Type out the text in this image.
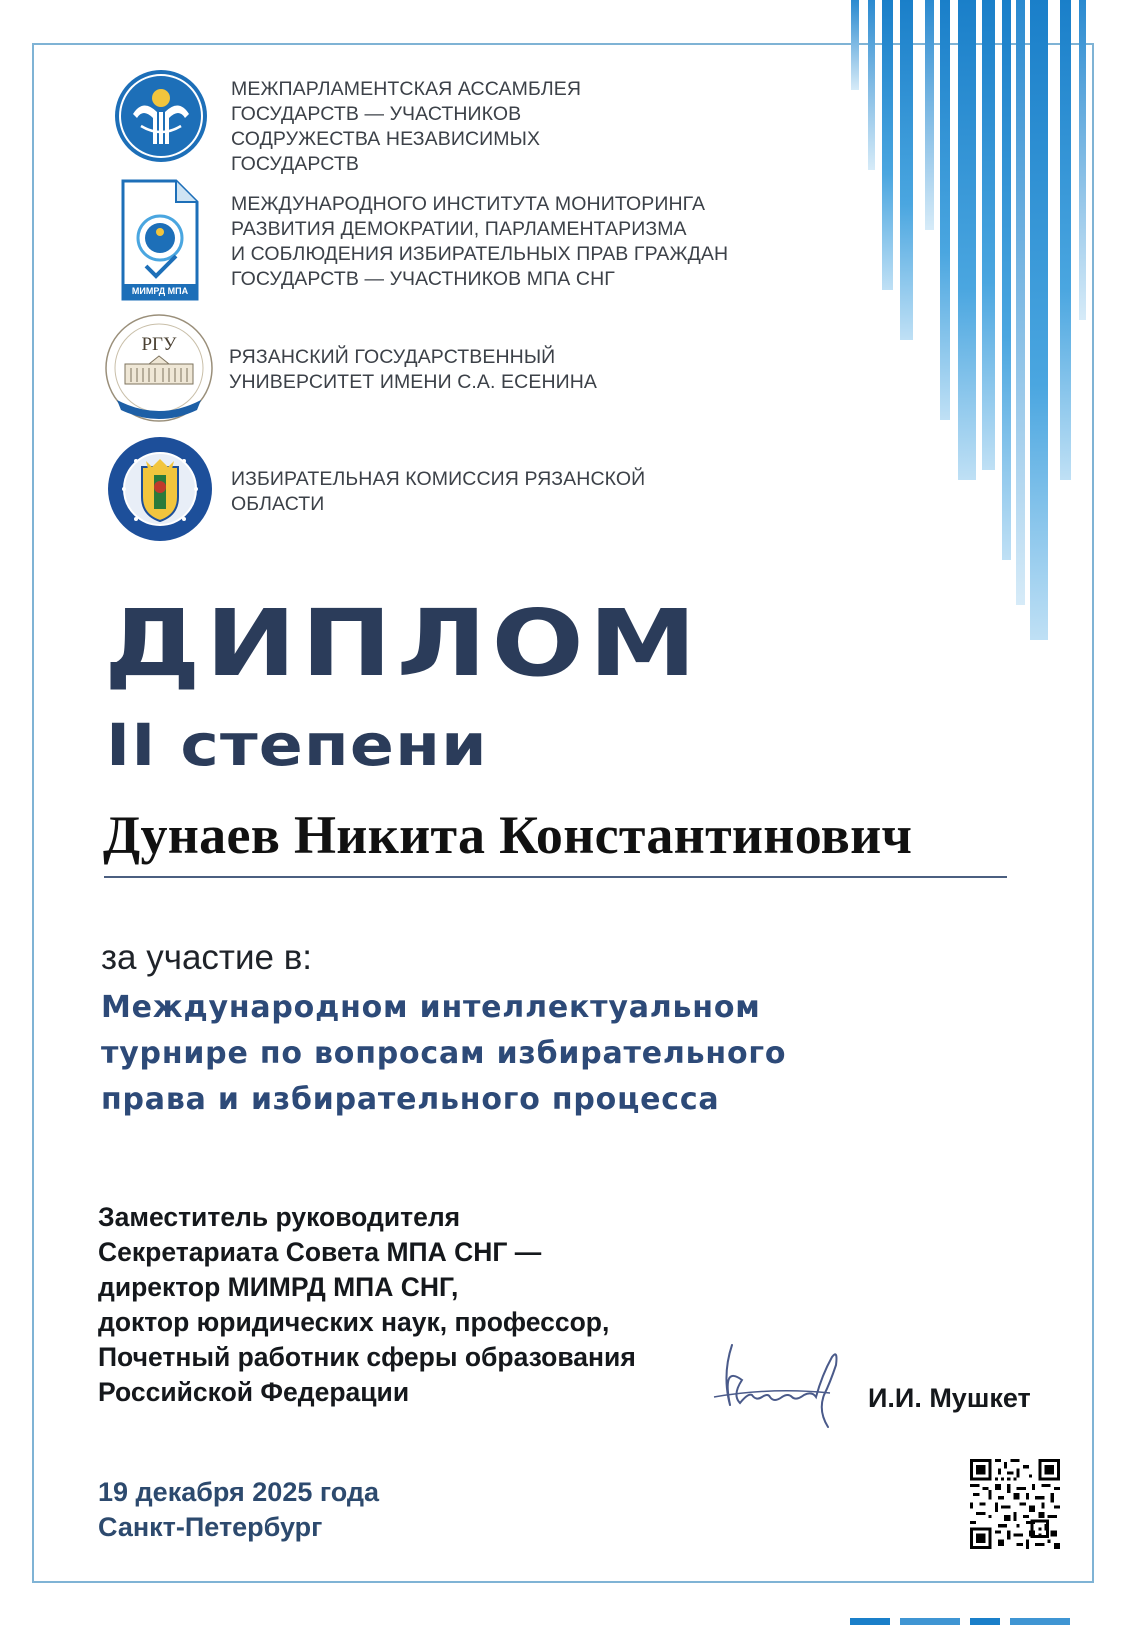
МЕЖПАРЛАМЕНТСКАЯ АССАМБЛЕЯ
ГОСУДАРСТВ — УЧАСТНИКОВ
СОДРУЖЕСТВА НЕЗАВИСИМЫХ
ГОСУДАРСТВ
МИМРД МПА СНГ
МЕЖДУНАРОДНОГО ИНСТИТУТА МОНИТОРИНГА
РАЗВИТИЯ ДЕМОКРАТИИ, ПАРЛАМЕНТАРИЗМА
И СОБЛЮДЕНИЯ ИЗБИРАТЕЛЬНЫХ ПРАВ ГРАЖДАН
ГОСУДАРСТВ — УЧАСТНИКОВ МПА СНГ
РГУ
РЯЗАНСКИЙ ГОСУДАРСТВЕННЫЙ
УНИВЕРСИТЕТ ИМЕНИ С.А. ЕСЕНИНА
ИЗБИРАТЕЛЬНАЯ КОМИССИЯ РЯЗАНСКОЙ
ОБЛАСТИ
ДИПЛОМ
II степени
Дунаев Никита Константинович
за участие в:
Международном интеллектуальном
турнире по вопросам избирательного
права и избирательного процесса
Заместитель руководителя
Секретариата Совета МПА СНГ —
директор МИМРД МПА СНГ,
доктор юридических наук, профессор,
Почетный работник сферы образования
Российской Федерации	И.И. Мушкет
19 декабря 2025 года
Санкт-Петербург
